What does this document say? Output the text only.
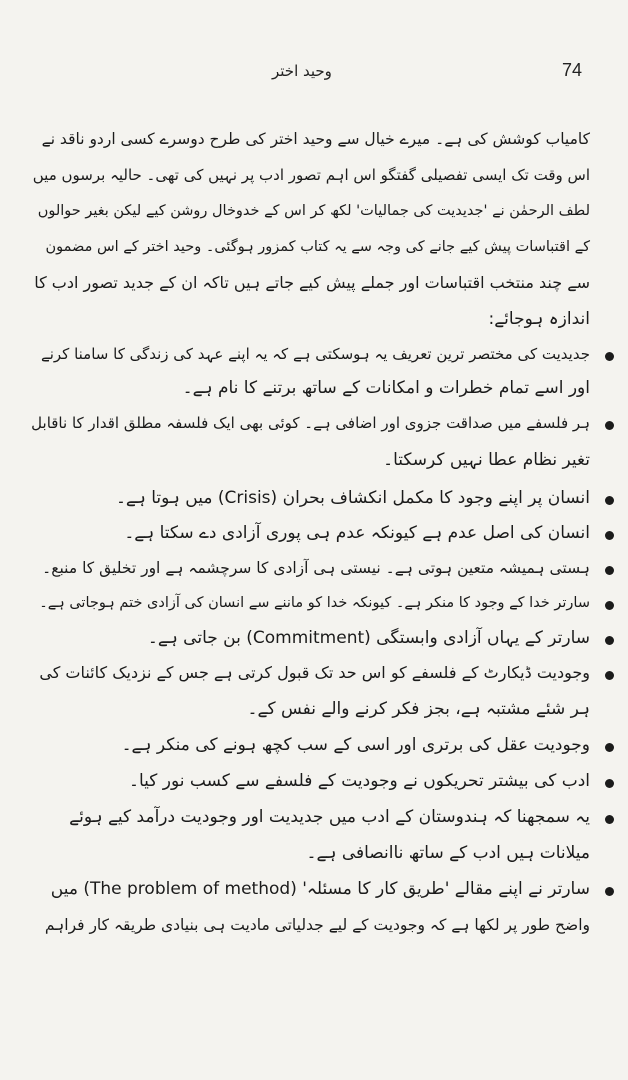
74
وحید اختر
کامیاب کوشش کی ہے۔ میرے خیال سے وحید اختر کی طرح دوسرے کسی اردو ناقد نے
اس وقت تک ایسی تفصیلی گفتگو اس اہم تصور ادب پر نہیں کی تھی۔ حالیہ برسوں میں
لطف الرحمٰن نے 'جدیدیت کی جمالیات' لکھ کر اس کے خدوخال روشن کیے لیکن بغیر حوالوں
کے اقتباسات پیش کیے جانے کی وجہ سے یہ کتاب کمزور ہوگئی۔ وحید اختر کے اس مضمون
سے چند منتخب اقتباسات اور جملے پیش کیے جاتے ہیں تاکہ ان کے جدید تصور ادب کا
اندازہ ہوجائے:
جدیدیت کی مختصر ترین تعریف یہ ہوسکتی ہے کہ یہ اپنے عہد کی زندگی کا سامنا کرنے
اور اسے تمام خطرات و امکانات کے ساتھ برتنے کا نام ہے۔
ہر فلسفے میں صداقت جزوی اور اضافی ہے۔ کوئی بھی ایک فلسفہ مطلق اقدار کا ناقابل
تغیر نظام عطا نہیں کرسکتا۔
انسان پر اپنے وجود کا مکمل انکشاف بحران (Crisis) میں ہوتا ہے۔
انسان کی اصل عدم ہے کیونکہ عدم ہی پوری آزادی دے سکتا ہے۔
ہستی ہمیشہ متعین ہوتی ہے۔ نیستی ہی آزادی کا سرچشمہ ہے اور تخلیق کا منبع۔
سارتر خدا کے وجود کا منکر ہے۔ کیونکہ خدا کو ماننے سے انسان کی آزادی ختم ہوجاتی ہے۔
سارتر کے یہاں آزادی وابستگی (Commitment) بن جاتی ہے۔
وجودیت ڈیکارٹ کے فلسفے کو اس حد تک قبول کرتی ہے جس کے نزدیک کائنات کی
ہر شئے مشتبہ ہے، بجز فکر کرنے والے نفس کے۔
وجودیت عقل کی برتری اور اسی کے سب کچھ ہونے کی منکر ہے۔
ادب کی بیشتر تحریکوں نے وجودیت کے فلسفے سے کسب نور کیا۔
یہ سمجھنا کہ ہندوستان کے ادب میں جدیدیت اور وجودیت درآمد کیے ہوئے
میلانات ہیں ادب کے ساتھ ناانصافی ہے۔
سارتر نے اپنے مقالے 'طریق کار کا مسئلہ' (The problem of method) میں
واضح طور پر لکھا ہے کہ وجودیت کے لیے جدلیاتی مادیت ہی بنیادی طریقہ کار فراہم
